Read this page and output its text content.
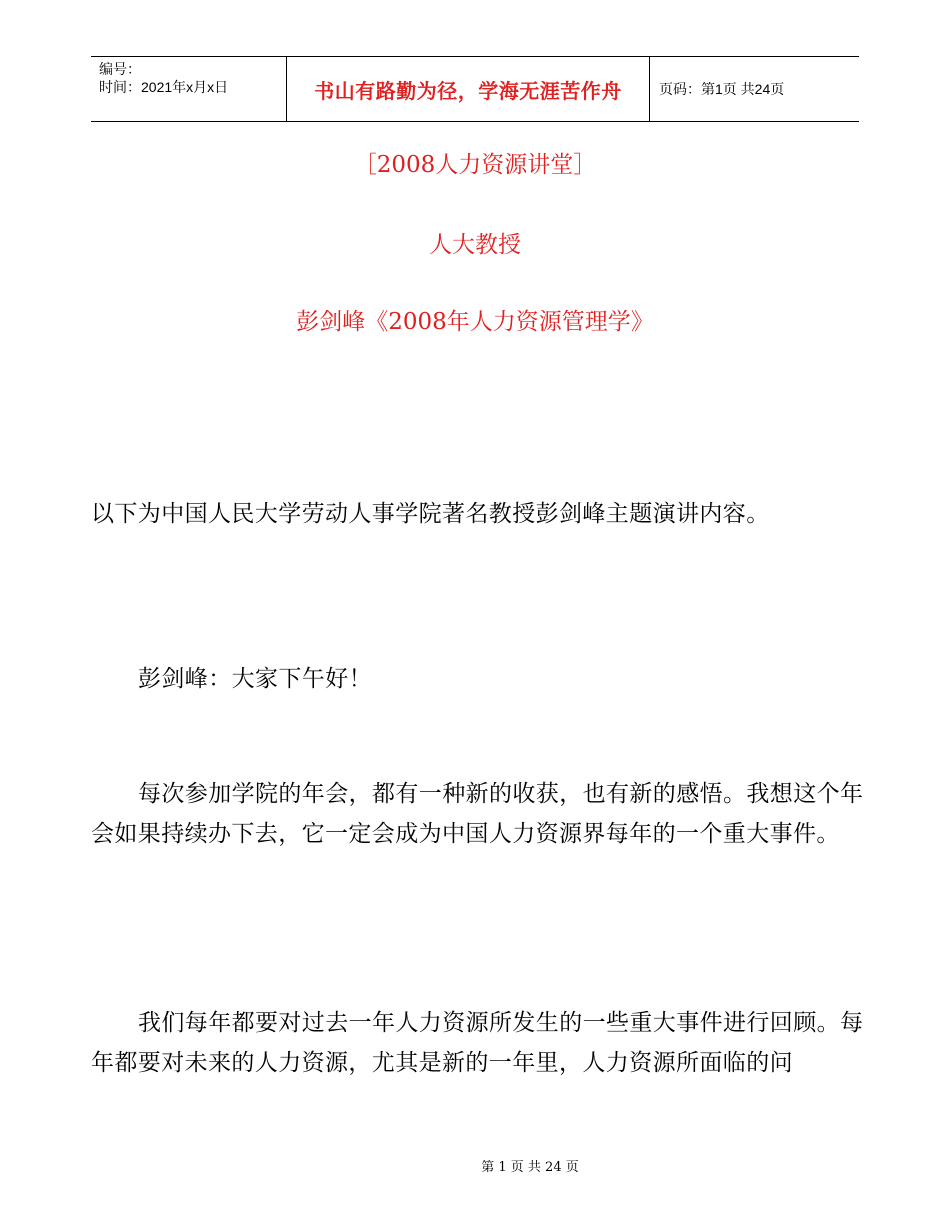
编号：
时间：2021年x月x日	书山有路勤为径，学海无涯苦作舟	页码：第1页 共24页
［2008人力资源讲堂］
人大教授
彭剑峰《2008年人力资源管理学》
以下为中国人民大学劳动人事学院著名教授彭剑峰主题演讲内容。
彭剑峰：大家下午好！
每次参加学院的年会，都有一种新的收获，也有新的感悟。我想这个年会如果持续办下去，它一定会成为中国人力资源界每年的一个重大事件。
我们每年都要对过去一年人力资源所发生的一些重大事件进行回顾。每年都要对未来的人力资源，尤其是新的一年里，人力资源所面临的问
第 1 页 共 24 页
